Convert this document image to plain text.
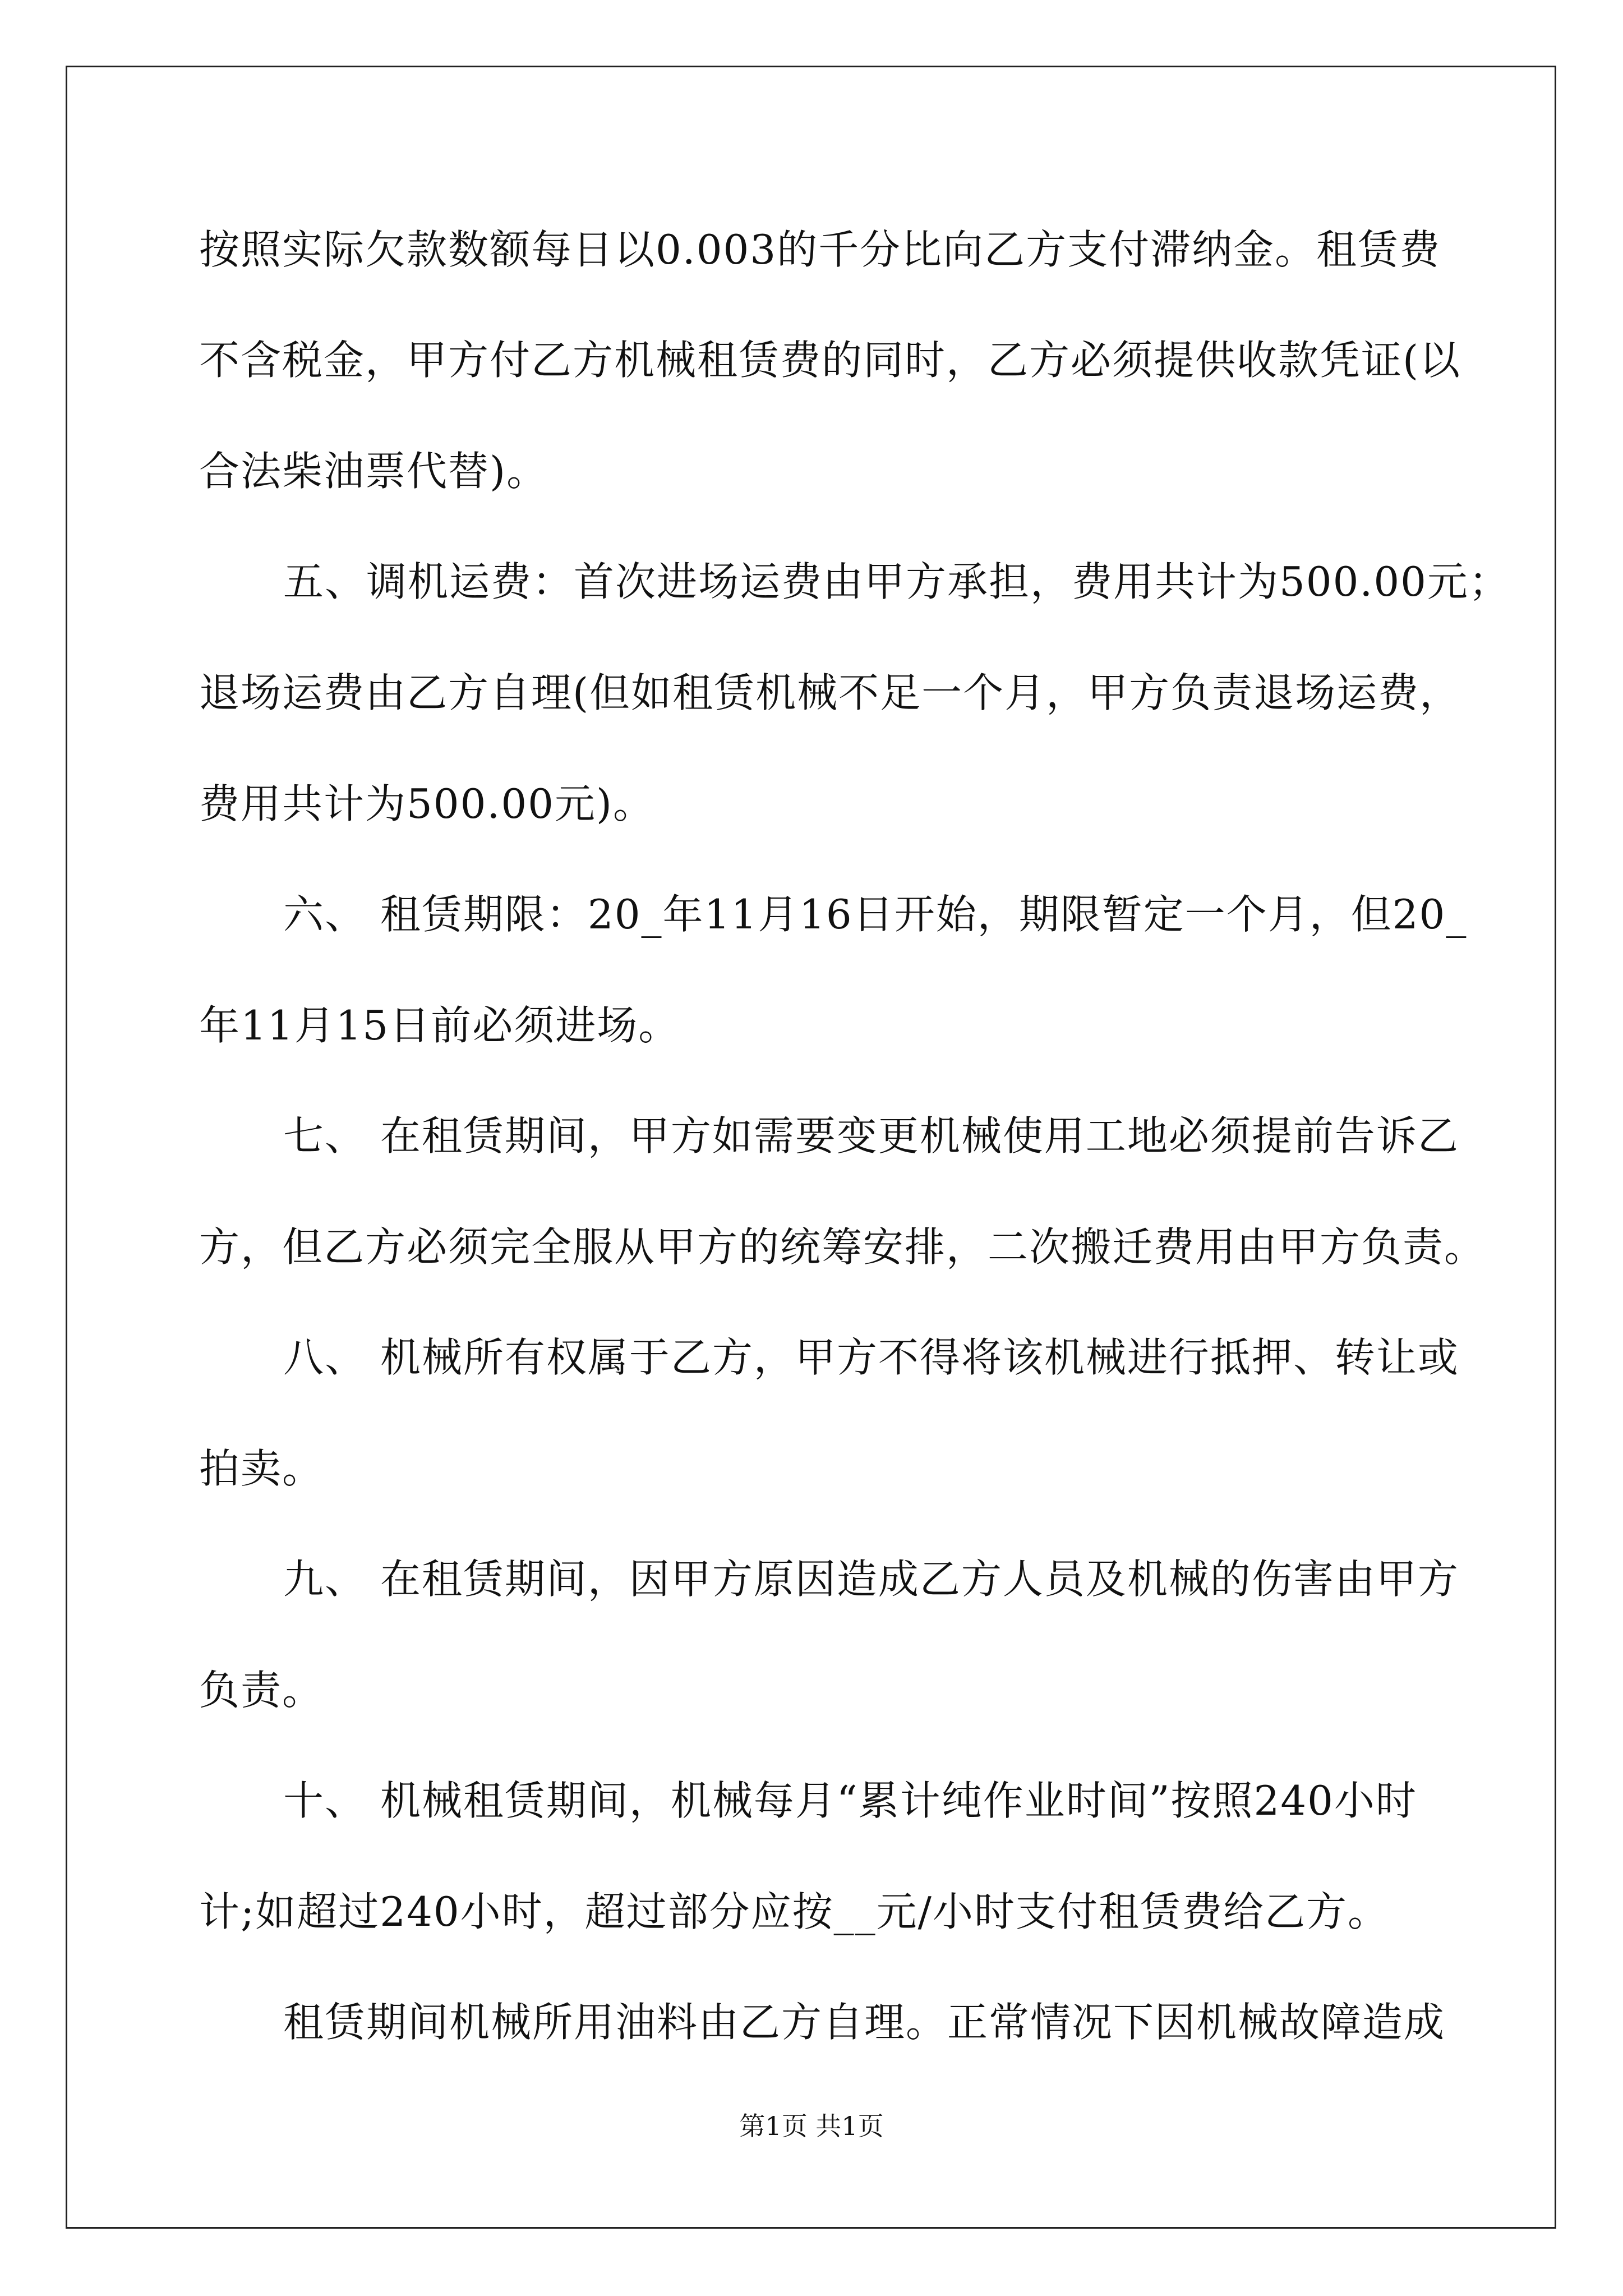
按照实际欠款数额每日以0.003的千分比向乙方支付滞纳金。租赁费
不含税金，甲方付乙方机械租赁费的同时，乙方必须提供收款凭证(以
合法柴油票代替)。
五、调机运费：首次进场运费由甲方承担，费用共计为500.00元；
退场运费由乙方自理(但如租赁机械不足一个月，甲方负责退场运费，
费用共计为500.00元)。
六、 租赁期限：20_年11月16日开始，期限暂定一个月，但20_
年11月15日前必须进场。
七、 在租赁期间，甲方如需要变更机械使用工地必须提前告诉乙
方，但乙方必须完全服从甲方的统筹安排，二次搬迁费用由甲方负责。
八、 机械所有权属于乙方，甲方不得将该机械进行抵押、转让或
拍卖。
九、 在租赁期间，因甲方原因造成乙方人员及机械的伤害由甲方
负责。
十、 机械租赁期间，机械每月“累计纯作业时间”按照240小时
计;如超过240小时，超过部分应按__元/小时支付租赁费给乙方。
租赁期间机械所用油料由乙方自理。正常情况下因机械故障造成
第1页 共1页
